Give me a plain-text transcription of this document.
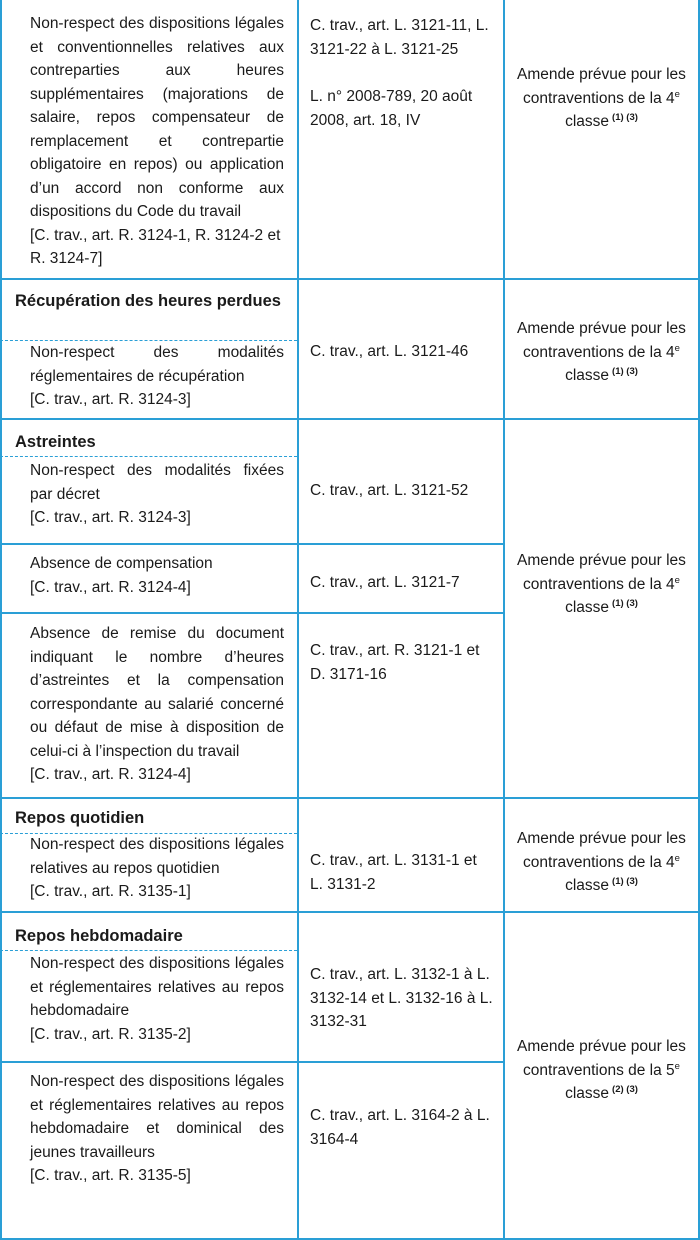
Non-respect des dispositions légales et conventionnelles relatives aux contreparties aux heures supplémentaires (majorations de salaire, repos compensateur de remplacement et contrepartie obligatoire en repos) ou application d’un accord non conforme aux dispositions du Code du travail

[C. trav., art. R. 3124-1, R. 3124-2 et R. 3124-7]

C. trav., art. L. 3121-11, L. 3121-22 à L. 3121-25

L. n° 2008-789, 20 août 2008, art. 18, IV

Amende prévue pour les contraventions de la 4e classe $^{(1) (3)}$
Récupération des heures perdues

Non-respect des modalités réglementaires de récupération

[C. trav., art. R. 3124-3]
C. trav., art. L. 3121-46
Amende prévue pour les contraventions de la 4e classe $^{(1) (3)}$
Astreintes

Non-respect des modalités fixées par décret

[C. trav., art. R. 3124-3]
C. trav., art. L. 3121-52

Absence de compensation

[C. trav., art. R. 3124-4]	C. trav., art. L. 3121-7

Absence de remise du document indiquant le nombre d’heures d’astreintes et la compensation correspondante au salarié concerné ou défaut de mise à disposition de celui-ci à l’inspection du travail

[C. trav., art. R. 3124-4]
C. trav., art. R. 3121-1 et D. 3171-16
Amende prévue pour les contraventions de la 4e classe $^{(1) (3)}$
Repos quotidien

Non-respect des dispositions légales relatives au repos quotidien

[C. trav., art. R. 3135-1]
C. trav., art. L. 3131-1 et L. 3131-2
Amende prévue pour les contraventions de la 4e classe $^{(1) (3)}$
Repos hebdomadaire

Non-respect des dispositions légales et réglementaires relatives au repos hebdomadaire

[C. trav., art. R. 3135-2]
C. trav., art. L. 3132-1 à L. 3132-14 et L. 3132-16 à L. 3132-31

Non-respect des dispositions légales et réglementaires relatives au repos hebdomadaire et dominical des jeunes travailleurs

[C. trav., art. R. 3135-5]
C. trav., art. L. 3164-2 à L. 3164-4
Amende prévue pour les contraventions de la 5e classe $^{(2) (3)}$
